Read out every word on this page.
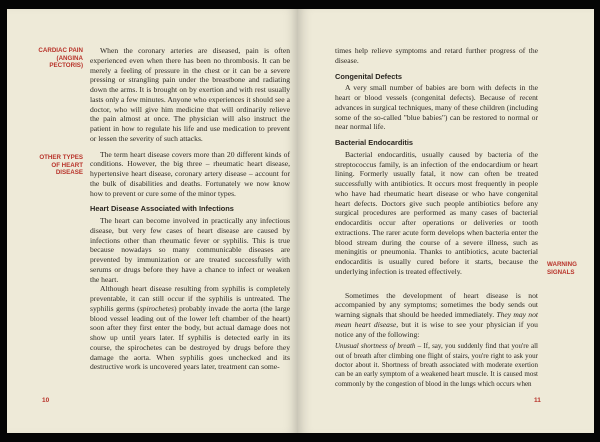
CARDIAC PAIN
(ANGINA
PECTORIS)
OTHER TYPES
OF HEART
DISEASE

When the coronary arteries are diseased, pain is often experienced even when there has been no thrombosis. It can be merely a feeling of pressure in the chest or it can be a severe pressing or strangling pain under the breastbone and radiating down the arms. It is brought on by exertion and with rest usually lasts only a few minutes. Anyone who experiences it should see a doctor, who will give him medicine that will ordinarily relieve the pain almost at once. The physician will also instruct the patient in how to regulate his life and use medication to prevent or lessen the severity of such attacks.

The term heart disease covers more than 20 different kinds of conditions. However, the big three – rheumatic heart disease, hypertensive heart disease, coronary artery disease – account for the bulk of disabilities and deaths. Fortunately we now know how to prevent or cure some of the minor types.

Heart Disease Associated with Infections

The heart can become involved in practically any infectious disease, but very few cases of heart disease are caused by infections other than rheumatic fever or syphilis. This is true because nowadays so many communicable diseases are prevented by immunization or are treated successfully with serums or drugs before they have a chance to infect or weaken the heart.

Although heart disease resulting from syphilis is completely preventable, it can still occur if the syphilis is untreated. The syphilis germs (spirochetes) probably invade the aorta (the large blood vessel leading out of the lower left chamber of the heart) soon after they first enter the body, but actual damage does not show up until years later. If syphilis is detected early in its course, the spirochetes can be destroyed by drugs before they damage the aorta. When syphilis goes unchecked and its destructive work is uncovered years later, treatment can some-

10

times help relieve symptoms and retard further progress of the disease.

Congenital Defects

A very small number of babies are born with defects in the heart or blood vessels (congenital defects). Because of recent advances in surgical techniques, many of these children (including some of the so-called "blue babies") can be restored to normal or near normal life.

Bacterial Endocarditis

Bacterial endocarditis, usually caused by bacteria of the streptococcus family, is an infection of the endocardium or heart lining. Formerly usually fatal, it now can often be treated successfully with antibiotics. It occurs most frequently in people who have had rheumatic heart disease or who have congenital heart defects. Doctors give such people antibiotics before any surgical procedures are performed as many cases of bacterial endocarditis occur after operations or deliveries or tooth extractions. The rarer acute form develops when bacteria enter the blood stream during the course of a severe illness, such as meningitis or pneumonia. Thanks to antibiotics, acute bacterial endocarditis is usually cured before it starts, because the underlying infection is treated effectively.

Sometimes the development of heart disease is not accompanied by any symptoms; sometimes the body sends out warning signals that should be heeded immediately. They may not mean heart disease, but it is wise to see your physician if you notice any of the following:

Unusual shortness of breath – If, say, you suddenly find that you're all out of breath after climbing one flight of stairs, you're right to ask your doctor about it. Shortness of breath associated with moderate exertion can be an early symptom of a weakened heart muscle. It is caused most commonly by the congestion of blood in the lungs which occurs when

WARNING
SIGNALS
11
